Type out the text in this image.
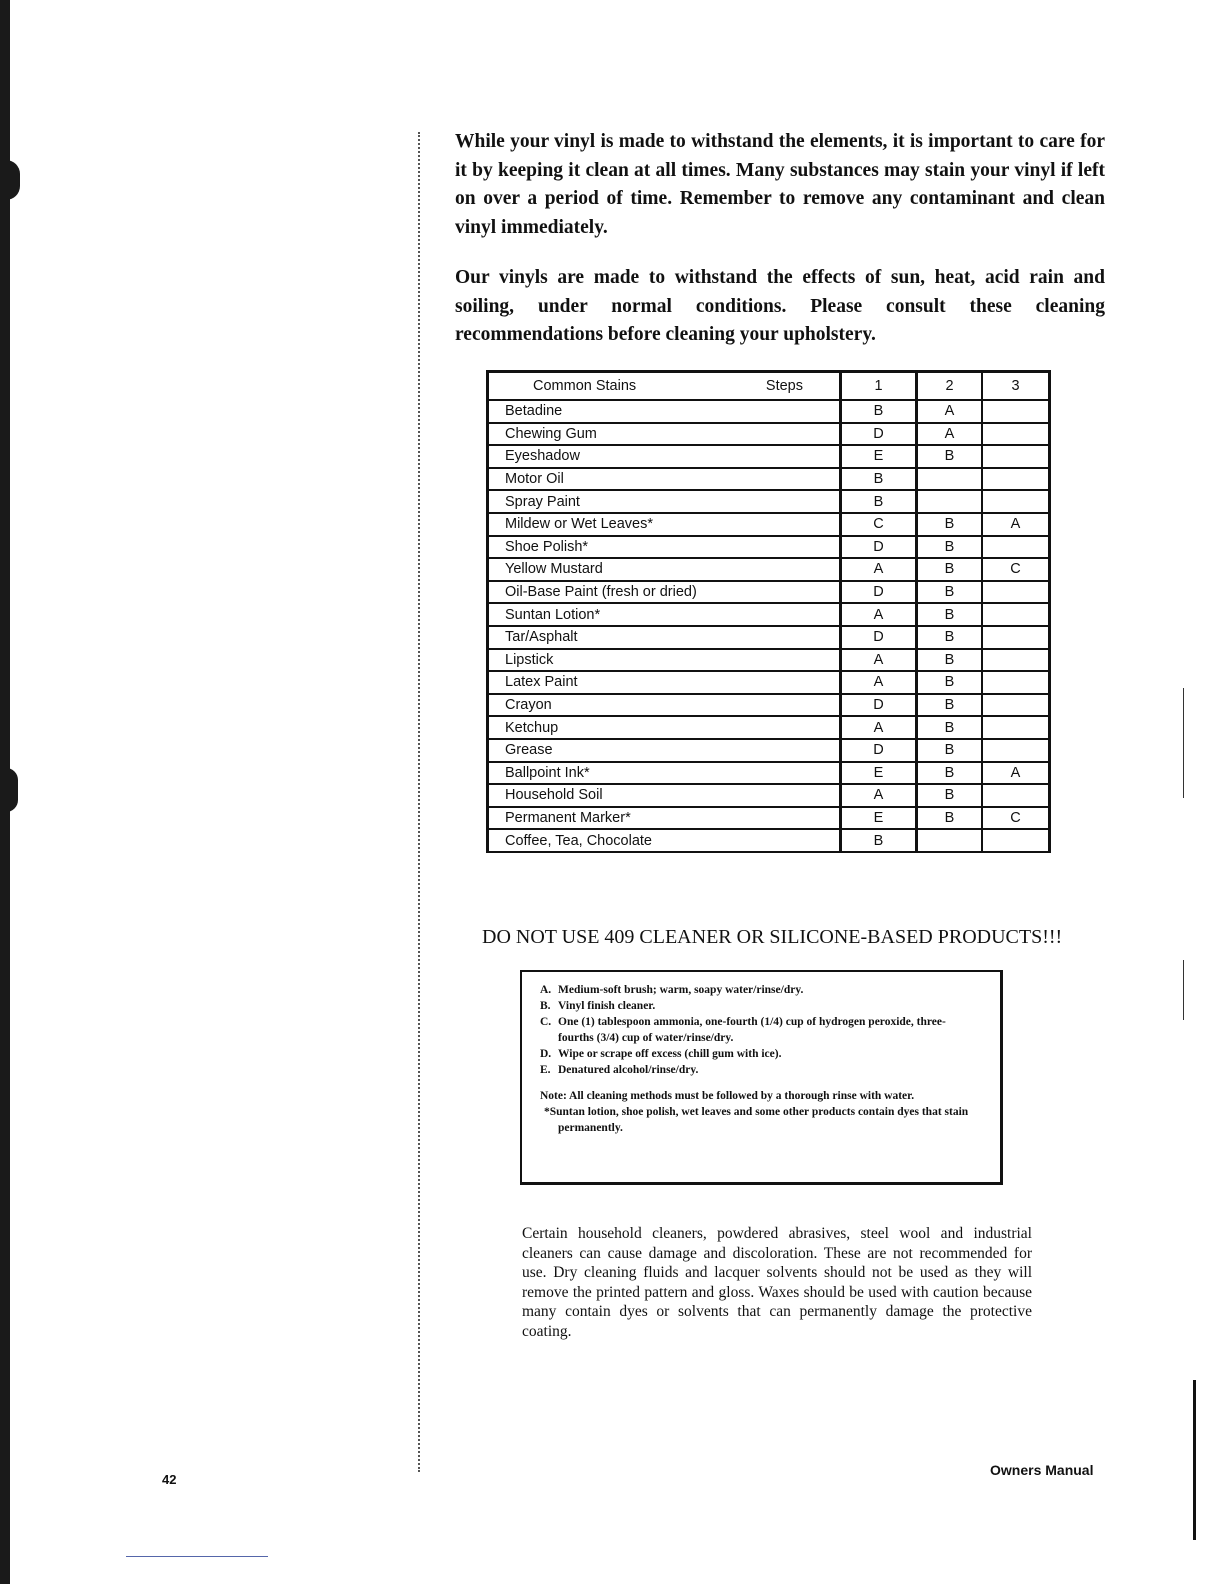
While your vinyl is made to withstand the elements, it is important to care for it by keeping it clean at all times. Many substances may stain your vinyl if left on over a period of time. Remember to remove any contaminant and clean vinyl immediately.

Our vinyls are made to withstand the effects of sun, heat, acid rain and soiling, under normal conditions. Please consult these cleaning recommendations before cleaning your upholstery.

Common Stains Steps	1	2	3
Betadine	B	A	
Chewing Gum	D	A	
Eyeshadow	E	B	
Motor Oil	B		
Spray Paint	B		
Mildew or Wet Leaves*	C	B	A
Shoe Polish*	D	B	
Yellow Mustard	A	B	C
Oil-Base Paint (fresh or dried)	D	B	
Suntan Lotion*	A	B	
Tar/Asphalt	D	B	
Lipstick	A	B	
Latex Paint	A	B	
Crayon	D	B	
Ketchup	A	B	
Grease	D	B	
Ballpoint Ink*	E	B	A
Household Soil	A	B	
Permanent Marker*	E	B	C
Coffee, Tea, Chocolate	B		

DO NOT USE 409 CLEANER OR SILICONE-BASED PRODUCTS!!!

A. Medium-soft brush; warm, soapy water/rinse/dry.
B. Vinyl finish cleaner.
C. One (1) tablespoon ammonia, one-fourth (1/4) cup of hydrogen peroxide, three-fourths (3/4) cup of water/rinse/dry.
D. Wipe or scrape off excess (chill gum with ice).
E. Denatured alcohol/rinse/dry.
Note: All cleaning methods must be followed by a thorough rinse with water.
*Suntan lotion, shoe polish, wet leaves and some other products contain dyes that stain permanently.

Certain household cleaners, powdered abrasives, steel wool and industrial cleaners can cause damage and discoloration. These are not recommended for use. Dry cleaning fluids and lacquer solvents should not be used as they will remove the printed pattern and gloss. Waxes should be used with caution because many contain dyes or solvents that can permanently damage the protective coating.

42
Owners Manual
